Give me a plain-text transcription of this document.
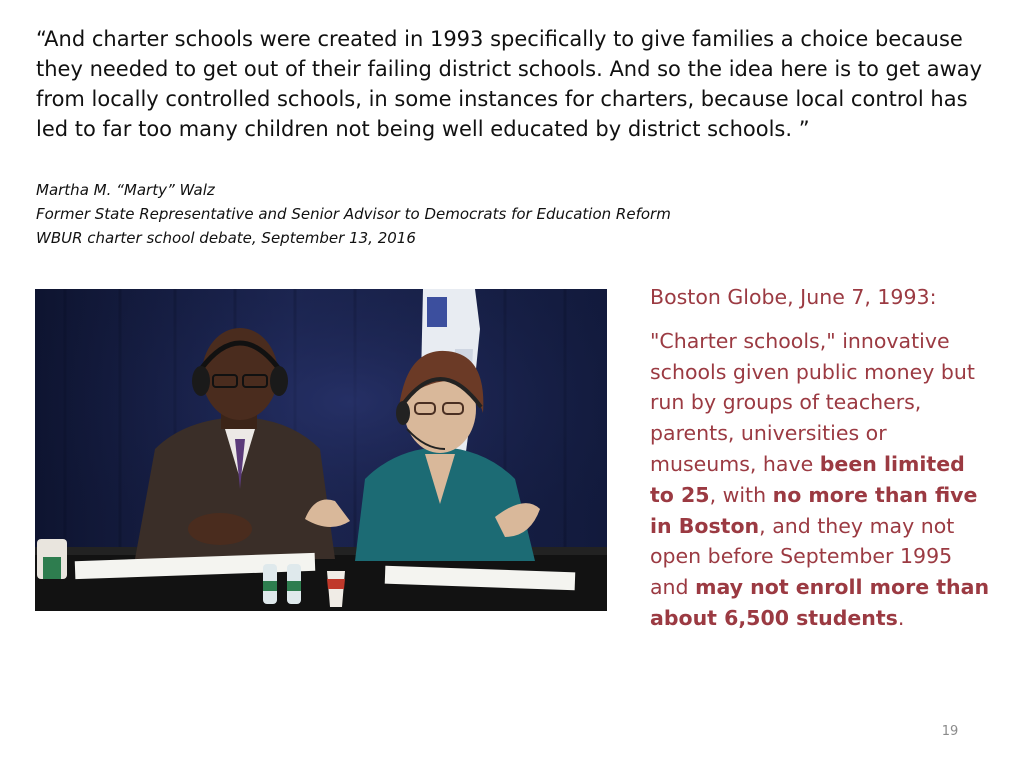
“And charter schools were created in 1993 specifically to give families a choice because they needed to get out of their failing district schools. And so the idea here is to get away from locally controlled schools, in some instances for charters, because local control has led to far too many children not being well educated by district schools. ”

Martha M. “Marty” Walz
Former State Representative and Senior Advisor to Democrats for Education Reform
WBUR charter school debate, September 13, 2016

Boston Globe, June 7, 1993:

"Charter schools," innovative schools given public money but run by groups of teachers, parents, universities or museums, have been limited to 25, with no more than five in Boston, and they may not open before September 1995 and may not enroll more than about 6,500 students.

19
